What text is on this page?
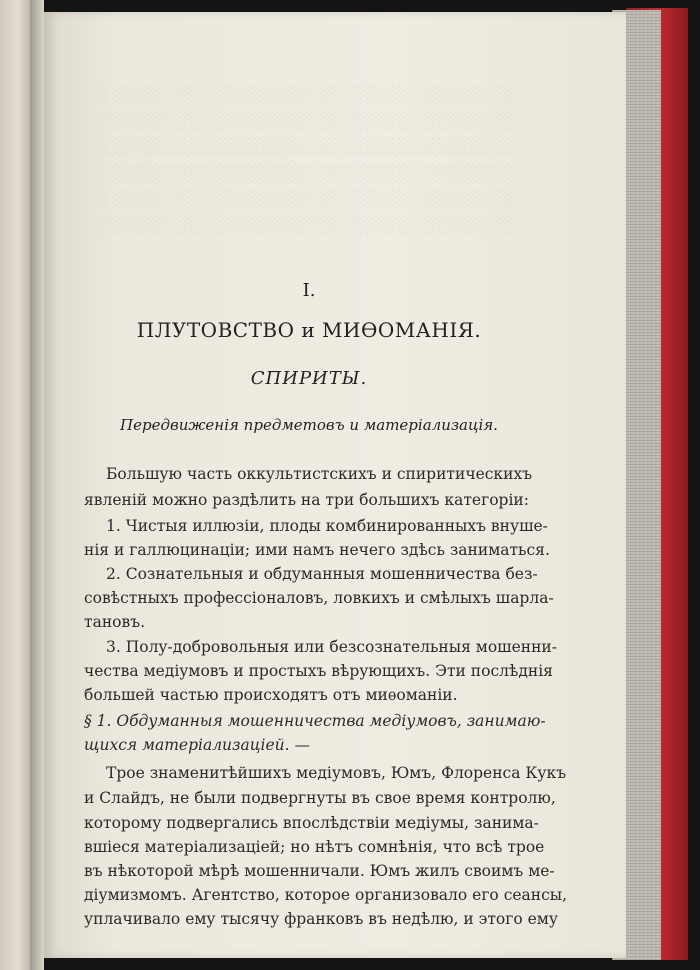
░░░░░░░░░░░░░░░░░░░░░░░░░░░░░░░░░░░░
░░░░░░░░░░░░░░░░░░░░░░░░░░░░░░░░░░░░
░░░░░░░░░░░░░░░░░░░░░░░░░░░░░░░░░░░░
░░░░░░░░░░░░░░░░░░░░░░░░░░░░░░░░░░░░
░░░░░░░░░░░░░░░░░░░░░░░░░░░░░░░░░░░░
░░░░░░░░░░░░░░░░░░░░░░░░░░░░░░░░░░░░
I.
ПЛУТОВСТВО и МИѲОМАНІЯ.
СПИРИТЫ.
Передвиженія предметовъ и матеріализація.
Большую часть оккультистскихъ и спиритическихъ
явленій можно раздѣлить на три большихъ категоріи:
1. Чистыя иллюзіи, плоды комбинированныхъ внуше-
нія и галлюцинаціи; ими намъ нечего здѣсь заниматься.
2. Сознательныя и обдуманныя мошенничества без-
совѣстныхъ профессіоналовъ, ловкихъ и смѣлыхъ шарла-
тановъ.
3. Полу-добровольныя или безсознательныя мошенни-
чества медіумовъ и простыхъ вѣрующихъ. Эти послѣднія
большей частью происходятъ отъ миѳоманіи.
§ 1. Обдуманныя мошенничества медіумовъ, занимаю-
щихся матеріализаціей. —
Трое знаменитѣйшихъ медіумовъ, Юмъ, Флоренса Кукъ
и Слайдъ, не были подвергнуты въ свое время контролю,
которому подвергались впослѣдствіи медіумы, занима-
вшіеся матеріализаціей; но нѣтъ сомнѣнія, что всѣ трое
въ нѣкоторой мѣрѣ мошенничали. Юмъ жилъ своимъ ме-
діумизмомъ. Агентство, которое организовало его сеансы,
уплачивало ему тысячу франковъ въ недѣлю, и этого ему
